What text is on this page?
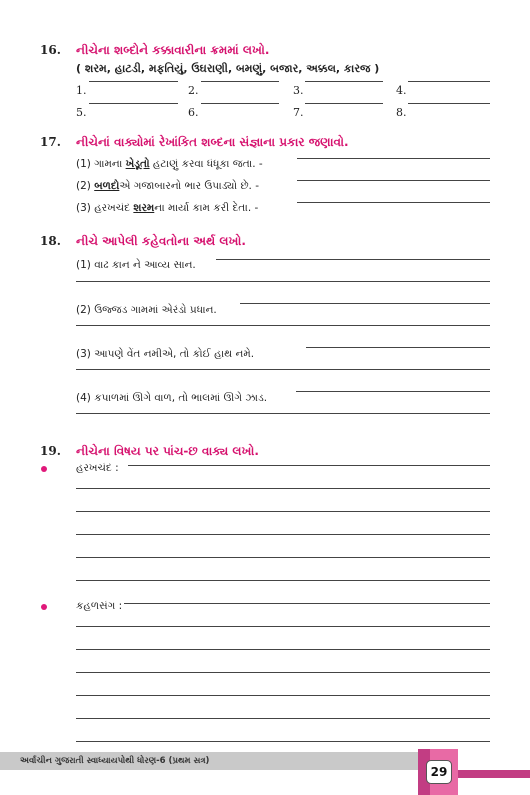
16. નીચેના શબ્દોને કક્કાવારીના ક્રમમાં લખો.
( શરમ, હાટડી, મફતિયું, ઉઘરાણી, બમણું, બજાર, અક્કલ, કારજ )
1.	2.	3.	4.
5.	6.	7.	8.
17. નીચેનાં વાક્યોમાં રેખાંકિત શબ્દના સંજ્ઞાના પ્રકાર જણાવો.
(1) ગામના ખેડૂતો હટાણું કરવા ધંધૂકા જતા. -
(2) બળદોએ ગજાબારનો ભાર ઉપાડ્યો છે. -
(3) હરખચંદ શરમના માર્યા કામ કરી દેતા. -
18. નીચે આપેલી કહેવતોના અર્થ લખો.
(1) વાઢ કાન ને આવ્ય સાન.
(2) ઉજ્જડ ગામમાં એરંડો પ્રધાન.
(3) આપણે વેંત નમીએ, તો કોઈ હાથ નમે.
(4) કપાળમાં ઊગે વાળ, તો ભાલમાં ઊગે ઝાડ.
19. નીચેના વિષય પર પાંચ-છ વાક્ય લખો.
હરખચંદ :
કહળસંગ :
અર્વાચીન ગુજરાતી સ્વાધ્યાયપોથી ધોરણ-6 (પ્રથમ સત્ર)
29
